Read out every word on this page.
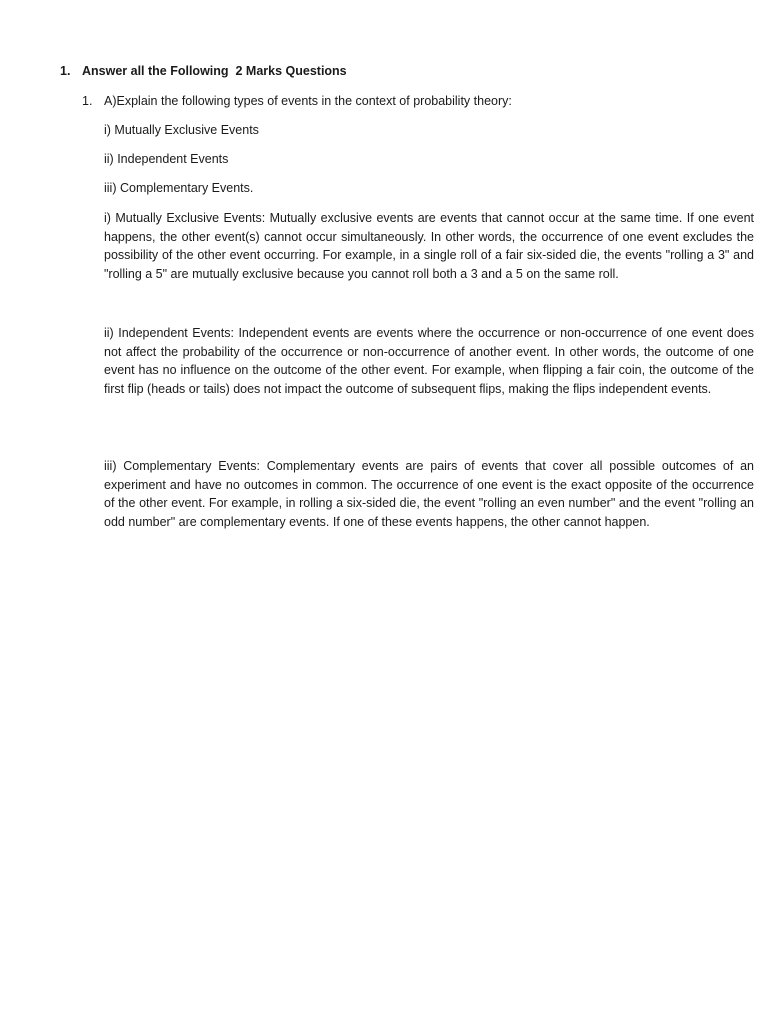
1. Answer all the Following  2 Marks Questions
1. A)Explain the following types of events in the context of probability theory:
i) Mutually Exclusive Events
ii) Independent Events
iii) Complementary Events.

i) Mutually Exclusive Events: Mutually exclusive events are events that cannot occur at the same time. If one event happens, the other event(s) cannot occur simultaneously. In other words, the occurrence of one event excludes the possibility of the other event occurring. For example, in a single roll of a fair six-sided die, the events "rolling a 3" and "rolling a 5" are mutually exclusive because you cannot roll both a 3 and a 5 on the same roll.

ii) Independent Events: Independent events are events where the occurrence or non-occurrence of one event does not affect the probability of the occurrence or non-occurrence of another event. In other words, the outcome of one event has no influence on the outcome of the other event. For example, when flipping a fair coin, the outcome of the first flip (heads or tails) does not impact the outcome of subsequent flips, making the flips independent events.

iii) Complementary Events: Complementary events are pairs of events that cover all possible outcomes of an experiment and have no outcomes in common. The occurrence of one event is the exact opposite of the occurrence of the other event. For example, in rolling a six-sided die, the event "rolling an even number" and the event "rolling an odd number" are complementary events. If one of these events happens, the other cannot happen.
